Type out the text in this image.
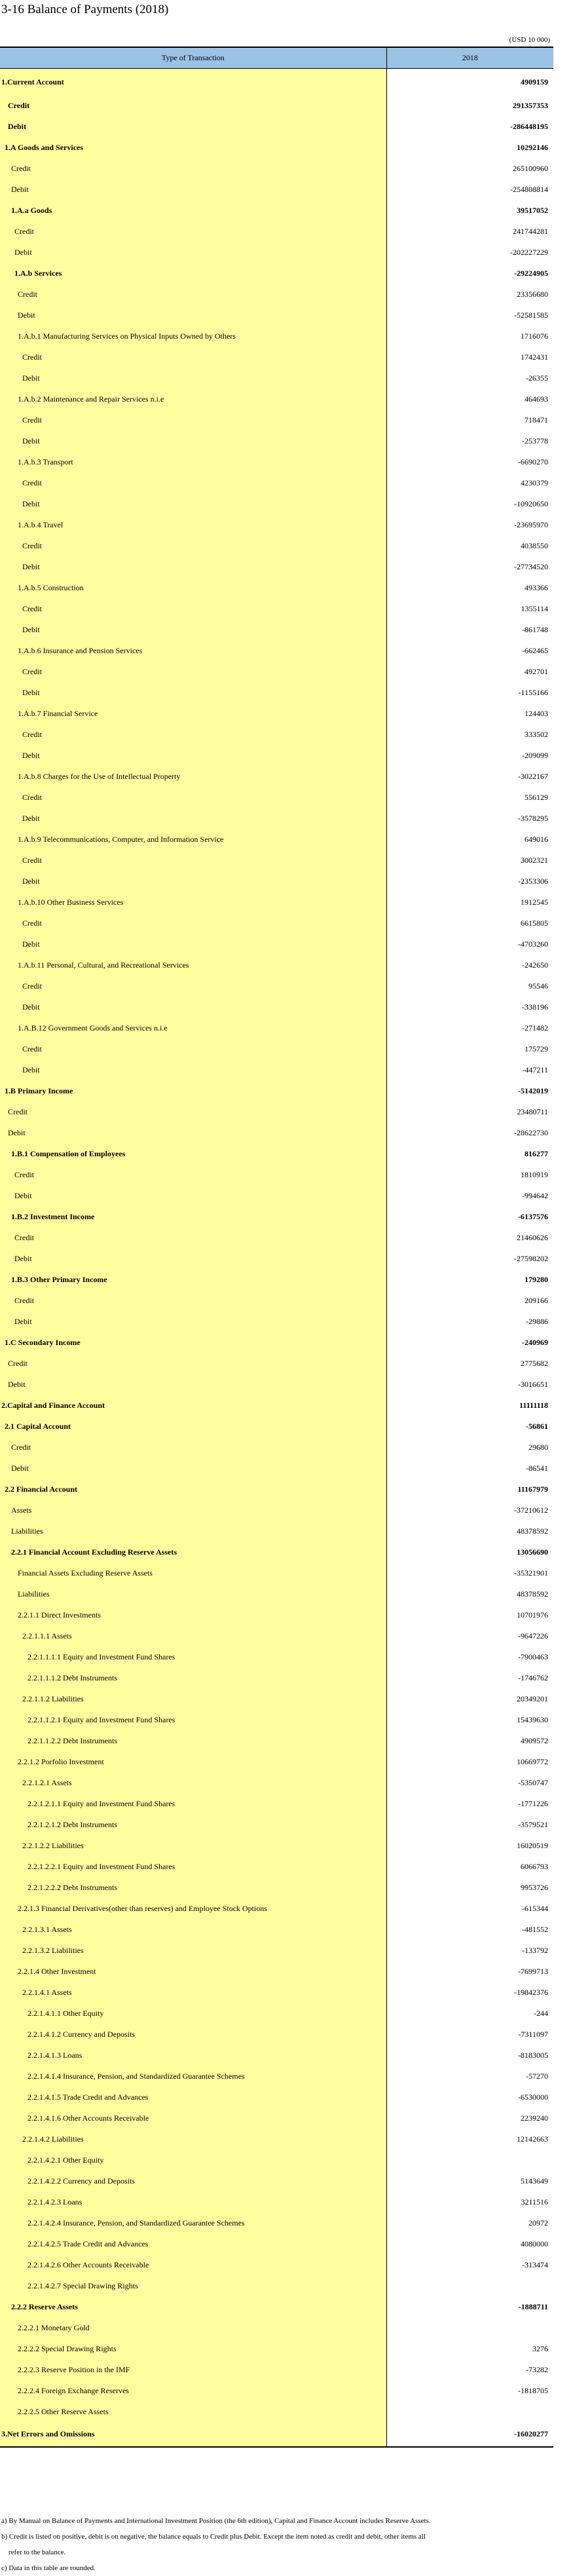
3-16 Balance of Payments (2018)
(USD 10 000)
Type of Transaction	2018
1.Current Account	4909159
Credit	291357353
Debit	-286448195
1.A Goods and Services	10292146
Credit	265100960
Debit	-254808814
1.A.a Goods	39517052
Credit	241744281
Debit	-202227229
1.A.b Services	-29224905
Credit	23356680
Debit	-52581585
1.A.b.1 Manufacturing Services on Physical Inputs Owned by Others	1716076
Credit	1742431
Debit	-26355
1.A.b.2 Maintenance and Repair Services n.i.e	464693
Credit	718471
Debit	-253778
1.A.b.3 Transport	-6690270
Credit	4230379
Debit	-10920650
1.A.b.4 Travel	-23695970
Credit	4038550
Debit	-27734520
1.A.b.5 Construction	493366
Credit	1355114
Debit	-861748
1.A.b.6 Insurance and Pension Services	-662465
Credit	492701
Debit	-1155166
1.A.b.7 Financial Service	124403
Credit	333502
Debit	-209099
1.A.b.8 Charges for the Use of Intellectual Property	-3022167
Credit	556129
Debit	-3578295
1.A.b.9 Telecommunications, Computer, and Information Service	649016
Credit	3002321
Debit	-2353306
1.A.b.10 Other Business Services	1912545
Credit	6615805
Debit	-4703260
1.A.b.11 Personal, Cultural, and Recreational Services	-242650
Credit	95546
Debit	-338196
1.A.B.12 Government Goods and Services n.i.e	-271482
Credit	175729
Debit	-447211
1.B Primary Income	-5142019
Credit	23480711
Debit	-28622730
1.B.1 Compensation of Employees	816277
Credit	1810919
Debit	-994642
1.B.2 Investment Income	-6137576
Credit	21460626
Debit	-27598202
1.B.3 Other Primary Income	179280
Credit	209166
Debit	-29886
1.C Secondary Income	-240969
Credit	2775682
Debit	-3016651
2.Capital and Finance Account	11111118
2.1 Capital Account	-56861
Credit	29680
Debit	-86541
2.2 Financial Account	11167979
Assets	-37210612
Liabilities	48378592
2.2.1 Financial Account Excluding Reserve Assets	13056690
Financial Assets Excluding Reserve Assets	-35321901
Liabilities	48378592
2.2.1.1 Direct Investments	10701976
2.2.1.1.1 Assets	-9647226
2.2.1.1.1.1 Equity and Investment Fund Shares	-7900463
2.2.1.1.1.2 Debt Instruments	-1746762
2.2.1.1.2 Liabilities	20349201
2.2.1.1.2.1 Equity and Investment Fund Shares	15439630
2.2.1.1.2.2 Debt Instruments	4909572
2.2.1.2 Porfolio Investment	10669772
2.2.1.2.1 Assets	-5350747
2.2.1.2.1.1 Equity and Investment Fund Shares	-1771226
2.2.1.2.1.2 Debt Instruments	-3579521
2.2.1.2.2 Liabilities	16020519
2.2.1.2.2.1 Equity and Investment Fund Shares	6066793
2.2.1.2.2.2 Debt Instruments	9953726
2.2.1.3 Financial Derivatives(other than reserves) and Employee Stock Options	-615344
2.2.1.3.1 Assets	-481552
2.2.1.3.2 Liabilities	-133792
2.2.1.4 Other Investment	-7699713
2.2.1.4.1 Assets	-19842376
2.2.1.4.1.1 Other Equity	-244
2.2.1.4.1.2 Currency and Deposits	-7311097
2.2.1.4.1.3 Loans	-8183005
2.2.1.4.1.4 Insurance, Pension, and Standardized Guarantee Schemes	-57270
2.2.1.4.1.5 Trade Credit and Advances	-6530000
2.2.1.4.1.6 Other Accounts Receivable	2239240
2.2.1.4.2 Liabilities	12142663
2.2.1.4.2.1 Other Equity	
2.2.1.4.2.2 Currency and Deposits	5143649
2.2.1.4.2.3 Loans	3211516
2.2.1.4.2.4 Insurance, Pension, and Standardized Guarantee Schemes	20972
2.2.1.4.2.5 Trade Credit and Advances	4080000
2.2.1.4.2.6 Other Accounts Receivable	-313474
2.2.1.4.2.7 Special Drawing Rights	
2.2.2 Reserve Assets	-1888711
2.2.2.1 Monetary Gold	
2.2.2.2 Special Drawing Rights	3276
2.2.2.3 Reserve Position in the IMF	-73282
2.2.2.4 Foreign Exchange Reserves	-1818705
2.2.2.5 Other Reserve Assets	
3.Net Errors and Omissions	-16020277
a) By Manual on Balance of Payments and International Investment Position (the 6th edition), Capital and Finance Account includes Reserve Assets.
b) Credit is listed on positive, debit is on negative, the balance equals to Credit plus Debit. Except the item noted as credit and debit, other items all
refer to the balance.
c) Data in this table are rounded.
